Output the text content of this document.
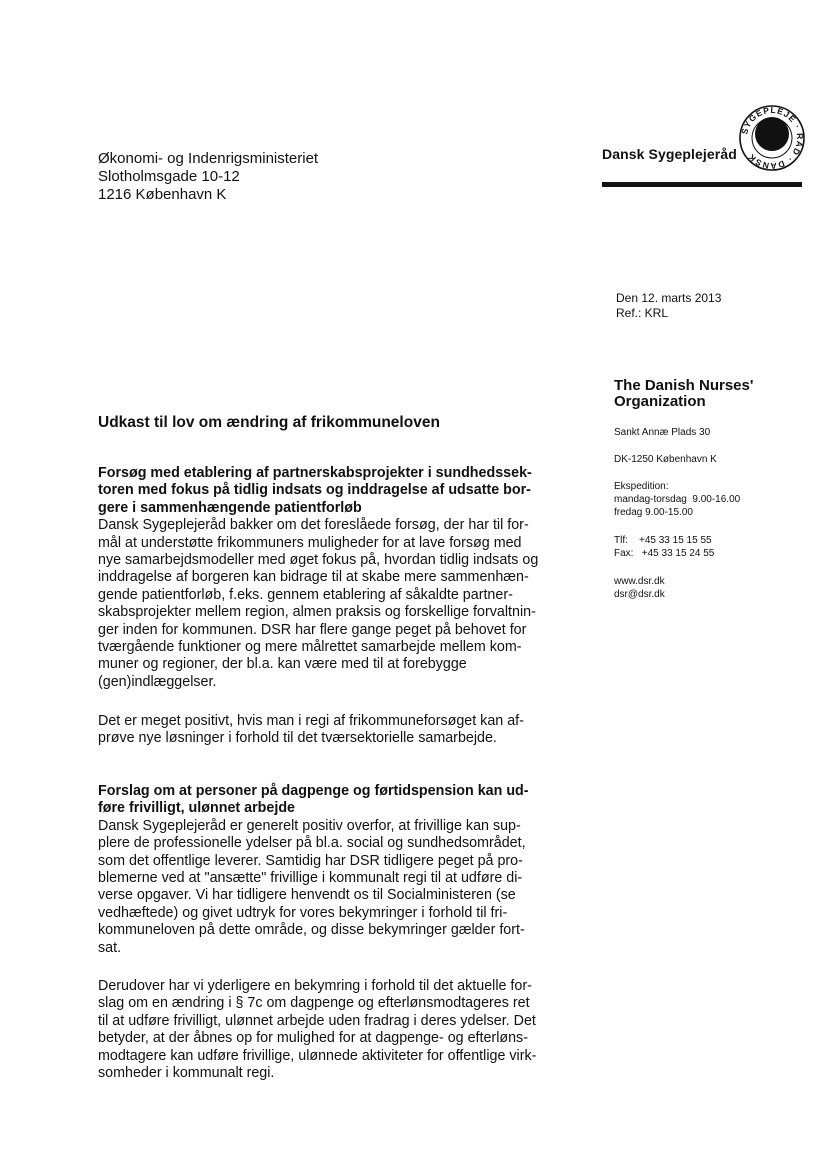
Økonomi- og Indenrigsministeriet
Slotholmsgade 10-12
1216 København K
Dansk Sygeplejeråd
SYGEPLEJE · RÅD · DANSK
Den 12. marts 2013
Ref.: KRL
The Danish Nurses'
Organization
Sankt Annæ Plads 30
DK-1250 København K
Ekspedition:
mandag-torsdag  9.00-16.00
fredag 9.00-15.00
Tlf:    +45 33 15 15 55
Fax:   +45 33 15 24 55
www.dsr.dk
dsr@dsr.dk
Udkast til lov om ændring af frikommuneloven
Forsøg med etablering af partnerskabsprojekter i sundhedssek-
toren med fokus på tidlig indsats og inddragelse af udsatte bor-
gere i sammenhængende patientforløb
Dansk Sygeplejeråd bakker om det foreslåede forsøg, der har til for-
mål at understøtte frikommuners muligheder for at lave forsøg med
nye samarbejdsmodeller med øget fokus på, hvordan tidlig indsats og
inddragelse af borgeren kan bidrage til at skabe mere sammenhæn-
gende patientforløb, f.eks. gennem etablering af såkaldte partner-
skabsprojekter mellem region, almen praksis og forskellige forvaltnin-
ger inden for kommunen. DSR har flere gange peget på behovet for
tværgående funktioner og mere målrettet samarbejde mellem kom-
muner og regioner, der bl.a. kan være med til at forebygge
(gen)indlæggelser.
Det er meget positivt, hvis man i regi af frikommuneforsøget kan af-
prøve nye løsninger i forhold til det tværsektorielle samarbejde.
Forslag om at personer på dagpenge og førtidspension kan ud-
føre frivilligt, ulønnet arbejde
Dansk Sygeplejeråd er generelt positiv overfor, at frivillige kan sup-
plere de professionelle ydelser på bl.a. social og sundhedsområdet,
som det offentlige leverer. Samtidig har DSR tidligere peget på pro-
blemerne ved at "ansætte" frivillige i kommunalt regi til at udføre di-
verse opgaver. Vi har tidligere henvendt os til Socialministeren (se
vedhæftede) og givet udtryk for vores bekymringer i forhold til fri-
kommuneloven på dette område, og disse bekymringer gælder fort-
sat.
Derudover har vi yderligere en bekymring i forhold til det aktuelle for-
slag om en ændring i § 7c om dagpenge og efterlønsmodtageres ret
til at udføre frivilligt, ulønnet arbejde uden fradrag i deres ydelser. Det
betyder, at der åbnes op for mulighed for at dagpenge- og efterløns-
modtagere kan udføre frivillige, ulønnede aktiviteter for offentlige virk-
somheder i kommunalt regi.
